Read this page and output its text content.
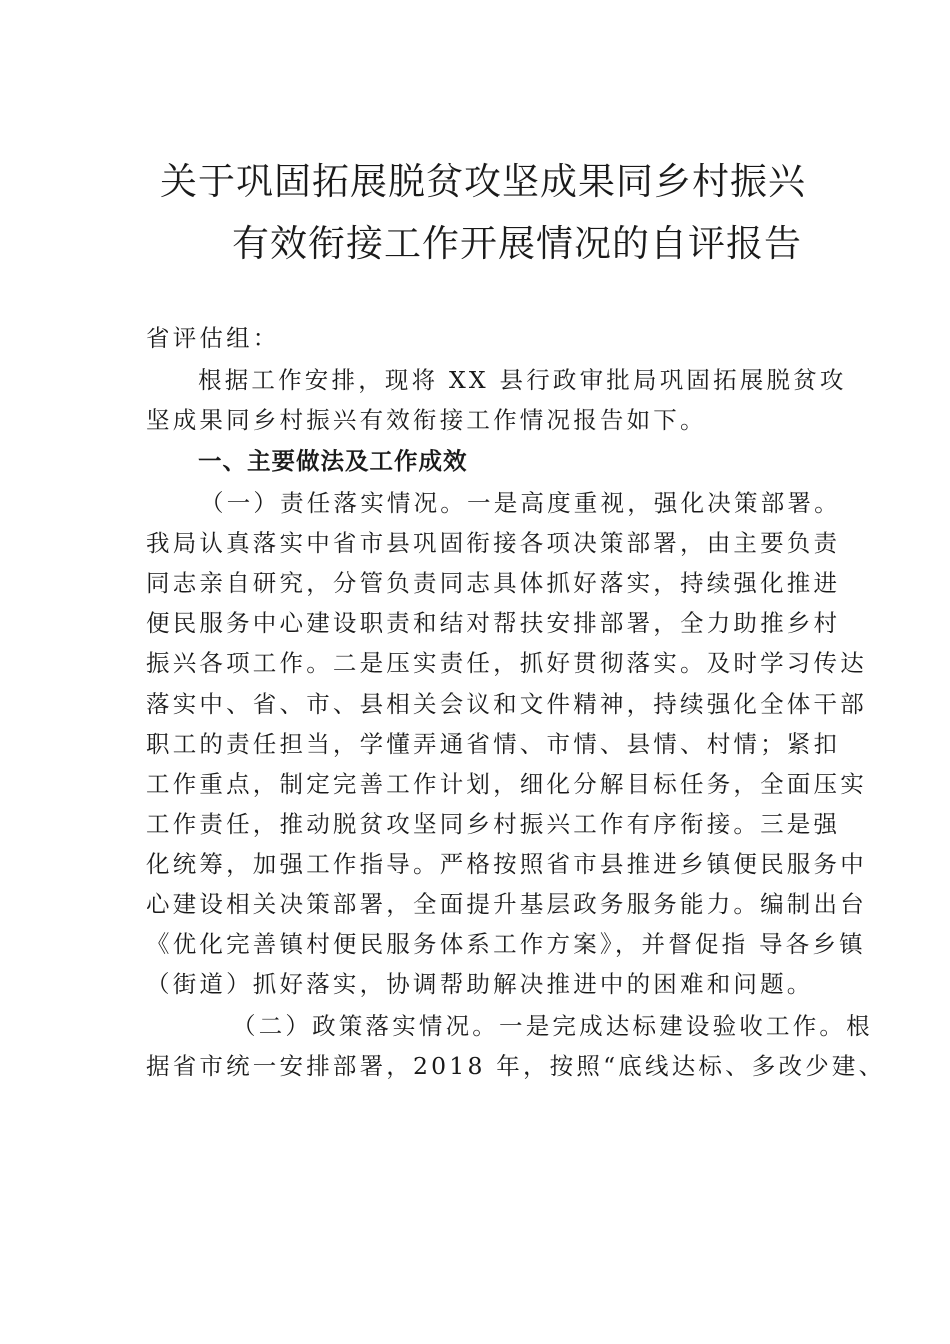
关于巩固拓展脱贫攻坚成果同乡村振兴
有效衔接工作开展情况的自评报告
省评估组：
根据工作安排，现将 XX 县行政审批局巩固拓展脱贫攻
坚成果同乡村振兴有效衔接工作情况报告如下。
一、主要做法及工作成效
（一）责任落实情况。一是高度重视，强化决策部署。
我局认真落实中省市县巩固衔接各项决策部署，由主要负责
同志亲自研究，分管负责同志具体抓好落实，持续强化推进
便民服务中心建设职责和结对帮扶安排部署，全力助推乡村
振兴各项工作。二是压实责任，抓好贯彻落实。及时学习传达
落实中、省、市、县相关会议和文件精神，持续强化全体干部
职工的责任担当，学懂弄通省情、市情、县情、村情；紧扣
工作重点，制定完善工作计划，细化分解目标任务，全面压实
工作责任，推动脱贫攻坚同乡村振兴工作有序衔接。三是强
化统筹，加强工作指导。严格按照省市县推进乡镇便民服务中
心建设相关决策部署，全面提升基层政务服务能力。编制出台
《优化完善镇村便民服务体系工作方案》，并督促指 导各乡镇
（街道）抓好落实，协调帮助解决推进中的困难和问题。
（二）政策落实情况。一是完成达标建设验收工作。根
据省市统一安排部署，2018 年，按照“底线达标、多改少建、
